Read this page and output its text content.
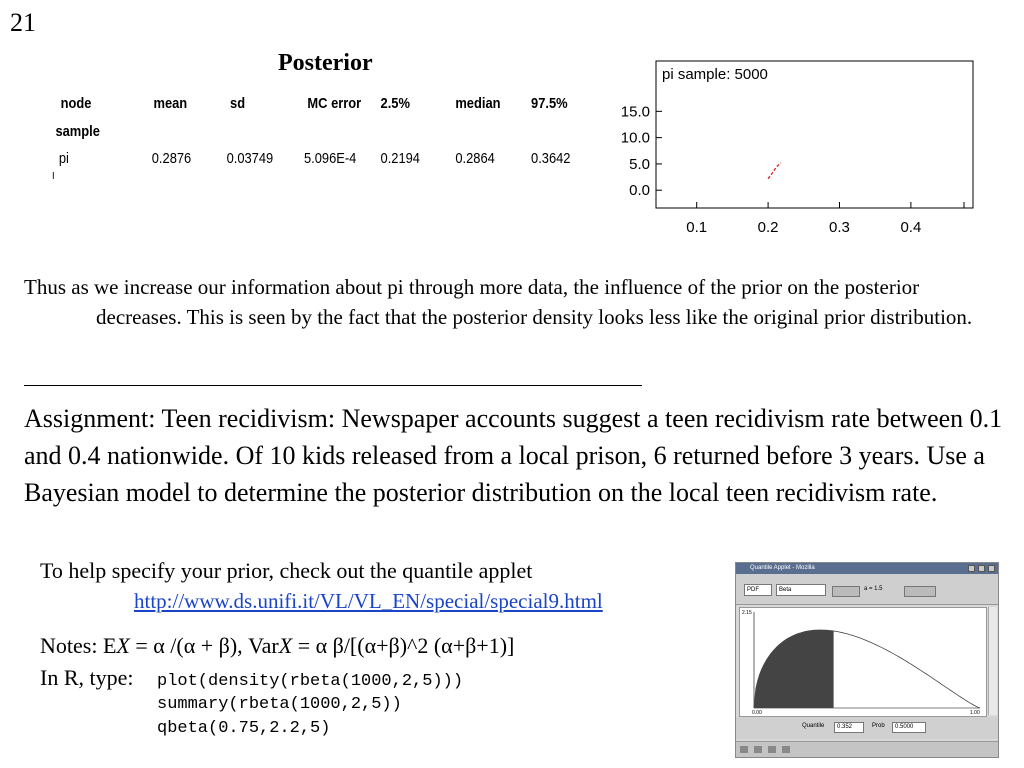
21
Posterior
node	mean	sd	MC error 2.5%	median 97.5%
sample
pi	0.2876 0.03749 5.096E-4 0.2194 0.2864 0.3642
pi sample: 5000
15.0
10.0
5.0
0.0
0.1	0.2	0.3	0.4
Thus as we increase our information about pi through more data, the influence of the prior on the posterior decreases. This is seen by the fact that the posterior density looks less like the original prior distribution.
Assignment: Teen recidivism: Newspaper accounts suggest a teen recidivism rate between 0.1 and 0.4 nationwide. Of 10 kids released from a local prison, 6 returned before 3 years. Use a Bayesian model to determine the posterior distribution on the local teen recidivism rate.
To help specify your prior, check out the quantile applet
http://www.ds.unifi.it/VL/VL_EN/special/special9.html
Notes: EX = α /(α + β), VarX = α β/[(α+β)^2 (α+β+1)]
In R, type: plot(density(rbeta(1000,2,5)))
summary(rbeta(1000,2,5))
qbeta(0.75,2.2,5)
Quantile Applet - Mozilla
PDF	Beta	a = 1.5
2.15
0.00	1.00
Quantile	0.352	Prob	0.5000
